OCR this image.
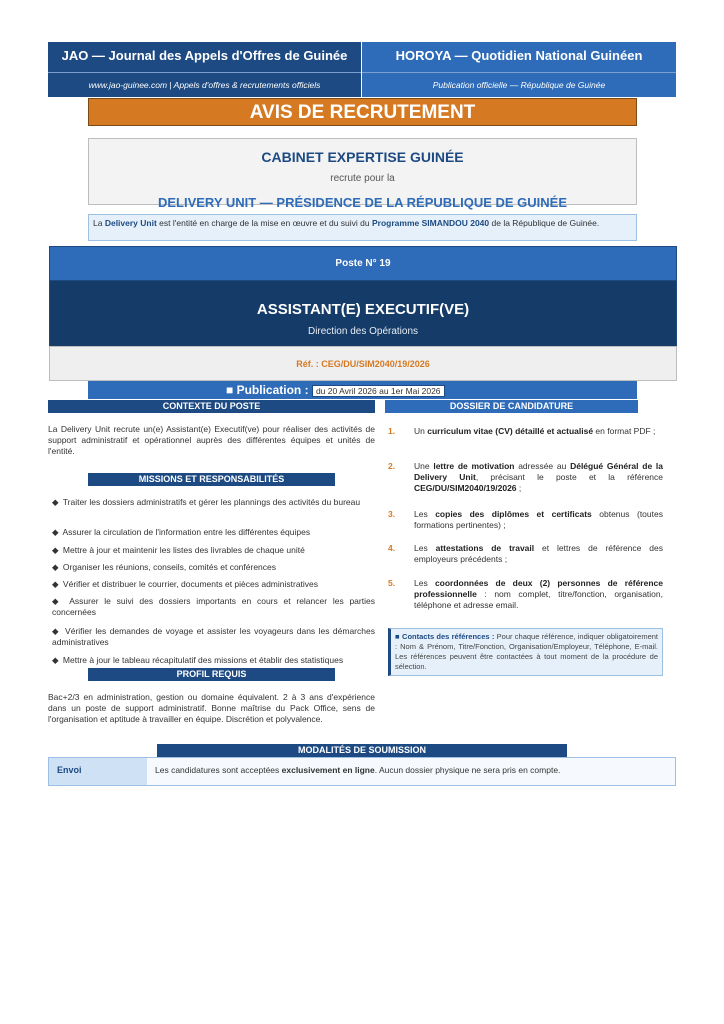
JAO — Journal des Appels d'Offres de Guinée	HOROYA — Quotidien National Guinéen
www.jao-guinee.com | Appels d'offres & recrutements officiels	Publication officielle — République de Guinée
AVIS DE RECRUTEMENT
CABINET EXPERTISE GUINÉE
recrute pour la
DELIVERY UNIT — PRÉSIDENCE DE LA RÉPUBLIQUE DE GUINÉE
La Delivery Unit est l'entité en charge de la mise en œuvre et du suivi du Programme SIMANDOU 2040 de la République de Guinée.
Poste N° 19
ASSISTANT(E) EXECUTIF(VE)
Direction des Opérations
Réf. : CEG/DU/SIM2040/19/2026
■ Publication : du 20 Avril 2026 au 1er Mai 2026
CONTEXTE DU POSTE	DOSSIER DE CANDIDATURE
La Delivery Unit recrute un(e) Assistant(e) Executif(ve) pour réaliser des activités de support administratif et opérationnel auprès des différentes équipes et unités de l'entité.
MISSIONS ET RESPONSABILITÉS
◆ Traiter les dossiers administratifs et gérer les plannings des activités du bureau
◆ Assurer la circulation de l'information entre les différentes équipes
◆ Mettre à jour et maintenir les listes des livrables de chaque unité
◆ Organiser les réunions, conseils, comités et conférences
◆ Vérifier et distribuer le courrier, documents et pièces administratives
◆ Assurer le suivi des dossiers importants en cours et relancer les parties concernées
◆ Vérifier les demandes de voyage et assister les voyageurs dans les démarches administratives
◆ Mettre à jour le tableau récapitulatif des missions et établir des statistiques
PROFIL REQUIS
Bac+2/3 en administration, gestion ou domaine équivalent. 2 à 3 ans d'expérience dans un poste de support administratif. Bonne maîtrise du Pack Office, sens de l'organisation et aptitude à travailler en équipe. Discrétion et polyvalence.
1. Un curriculum vitae (CV) détaillé et actualisé en format PDF ;
2. Une lettre de motivation adressée au Délégué Général de la Delivery Unit, précisant le poste et la référence CEG/DU/SIM2040/19/2026 ;
3. Les copies des diplômes et certificats obtenus (toutes formations pertinentes) ;
4. Les attestations de travail et lettres de référence des employeurs précédents ;
5. Les coordonnées de deux (2) personnes de référence professionnelle : nom complet, titre/fonction, organisation, téléphone et adresse email.
■ Contacts des références : Pour chaque référence, indiquer obligatoirement : Nom & Prénom, Titre/Fonction, Organisation/Employeur, Téléphone, E-mail. Les références peuvent être contactées à tout moment de la procédure de sélection.
MODALITÉS DE SOUMISSION
Envoi	Les candidatures sont acceptées exclusivement en ligne. Aucun dossier physique ne sera pris en compte.
